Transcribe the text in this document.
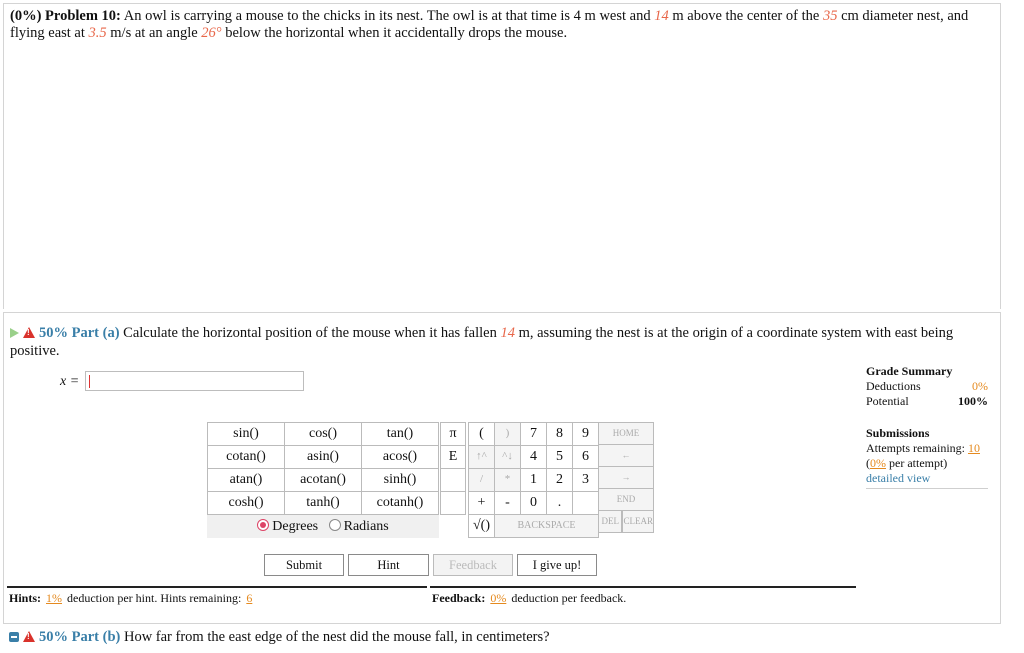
(0%) Problem 10: An owl is carrying a mouse to the chicks in its nest. The owl is at that time is 4 m west and 14 m above the center of the 35 cm diameter nest, and flying east at 3.5 m/s at an angle 26° below the horizontal when it accidentally drops the mouse.
!50% Part (a) Calculate the horizontal position of the mouse when it has fallen 14 m, assuming the nest is at the origin of a coordinate system with east being positive.
x =
Grade Summary
Deductions	0%
Potential	100%
Submissions
Attempts remaining: 10
(0% per attempt)
detailed view
sin()	cos()	tan()
cotan()	asin()	acos()
atan()	acotan()	sinh()
cosh()	tanh()	cotanh()
Degrees Radians
π
E
(	)	7	8	9
↑^	^↓	4	5	6
/	*	1	2	3
+	-	0	.
√()	BACKSPACE
HOME
←
→
END
DEL CLEAR
Submit	Hint	Feedback	I give up!
Hints: 1% deduction per hint. Hints remaining: 6	Feedback: 0% deduction per feedback.
!50% Part (b) How far from the east edge of the nest did the mouse fall, in centimeters?
